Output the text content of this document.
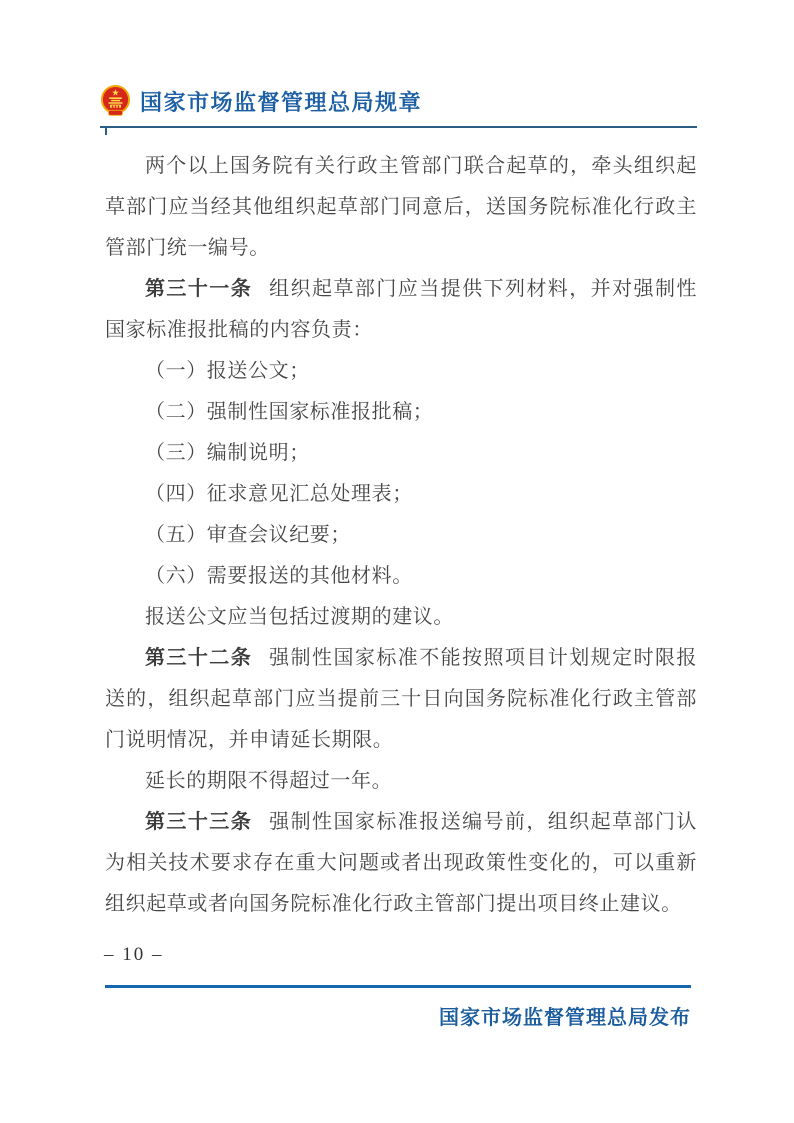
国家市场监督管理总局规章

两个以上国务院有关行政主管部门联合起草的，牵头组织起草部门应当经其他组织起草部门同意后，送国务院标准化行政主管部门统一编号。

第三十一条 组织起草部门应当提供下列材料，并对强制性国家标准报批稿的内容负责：

（一）报送公文；

（二）强制性国家标准报批稿；

（三）编制说明；

（四）征求意见汇总处理表；

（五）审查会议纪要；

（六）需要报送的其他材料。

报送公文应当包括过渡期的建议。

第三十二条 强制性国家标准不能按照项目计划规定时限报送的，组织起草部门应当提前三十日向国务院标准化行政主管部门说明情况，并申请延长期限。

延长的期限不得超过一年。

第三十三条 强制性国家标准报送编号前，组织起草部门认为相关技术要求存在重大问题或者出现政策性变化的，可以重新组织起草或者向国务院标准化行政主管部门提出项目终止建议。

– 10 –
国家市场监督管理总局发布
